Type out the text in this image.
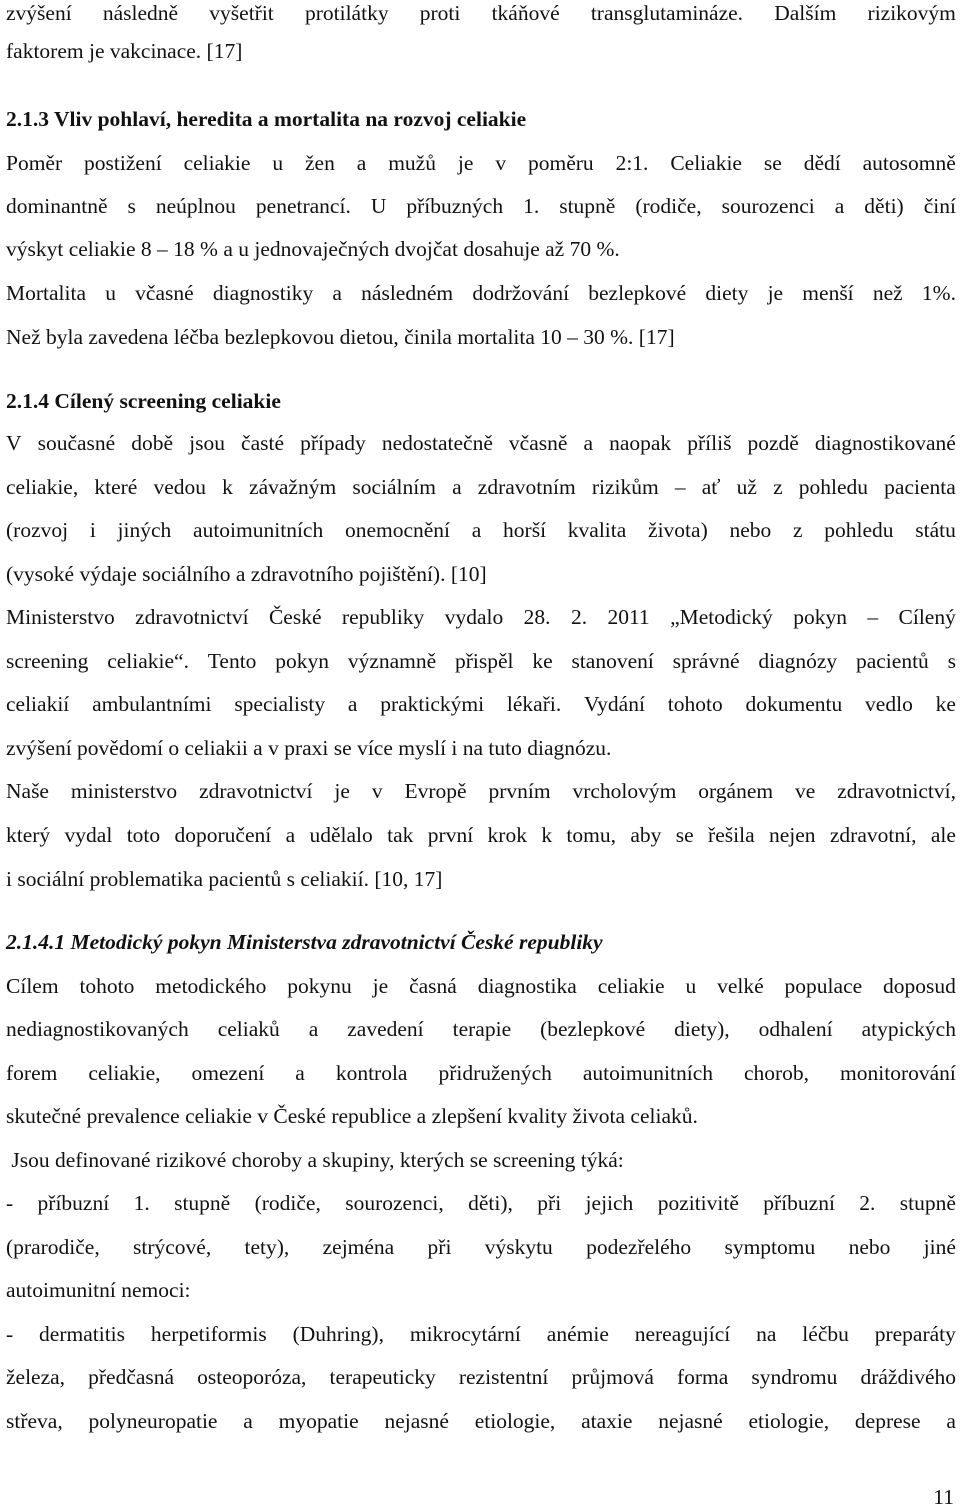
zvýšení následně vyšetřit protilátky proti tkáňové transglutamináze. Dalším rizikovým
faktorem je vakcinace. [17]
2.1.3 Vliv pohlaví, heredita a mortalita na rozvoj celiakie
Poměr postižení celiakie u žen a mužů je v poměru 2:1. Celiakie se dědí autosomně
dominantně s neúplnou penetrancí. U příbuzných 1. stupně (rodiče, sourozenci a děti) činí
výskyt celiakie 8 – 18 % a u jednovaječných dvojčat dosahuje až 70 %.
Mortalita u včasné diagnostiky a následném dodržování bezlepkové diety je menší než 1%.
Než byla zavedena léčba bezlepkovou dietou, činila mortalita 10 – 30 %. [17]
2.1.4 Cílený screening celiakie
V současné době jsou časté případy nedostatečně včasně a naopak příliš pozdě diagnostikované
celiakie, které vedou k závažným sociálním a zdravotním rizikům – ať už z pohledu pacienta
(rozvoj i jiných autoimunitních onemocnění a horší kvalita života) nebo z pohledu státu
(vysoké výdaje sociálního a zdravotního pojištění). [10]
Ministerstvo zdravotnictví České republiky vydalo 28. 2. 2011 „Metodický pokyn – Cílený
screening celiakie“. Tento pokyn významně přispěl ke stanovení správné diagnózy pacientů s
celiakií ambulantními specialisty a praktickými lékaři. Vydání tohoto dokumentu vedlo ke
zvýšení povědomí o celiakii a v praxi se více myslí i na tuto diagnózu.
Naše ministerstvo zdravotnictví je v Evropě prvním vrcholovým orgánem ve zdravotnictví,
který vydal toto doporučení a udělalo tak první krok k tomu, aby se řešila nejen zdravotní, ale
i sociální problematika pacientů s celiakií. [10, 17]
2.1.4.1 Metodický pokyn Ministerstva zdravotnictví České republiky
Cílem tohoto metodického pokynu je časná diagnostika celiakie u velké populace doposud
nediagnostikovaných celiaků a zavedení terapie (bezlepkové diety), odhalení atypických
forem celiakie, omezení a kontrola přidružených autoimunitních chorob, monitorování
skutečné prevalence celiakie v České republice a zlepšení kvality života celiaků.
Jsou definované rizikové choroby a skupiny, kterých se screening týká:
- příbuzní 1. stupně (rodiče, sourozenci, děti), při jejich pozitivitě příbuzní 2. stupně
(prarodiče, strýcové, tety), zejména při výskytu podezřelého symptomu nebo jiné
autoimunitní nemoci:
- dermatitis herpetiformis (Duhring), mikrocytární anémie nereagující na léčbu preparáty
železa, předčasná osteoporóza, terapeuticky rezistentní průjmová forma syndromu dráždivého
střeva, polyneuropatie a myopatie nejasné etiologie, ataxie nejasné etiologie, deprese a
11
